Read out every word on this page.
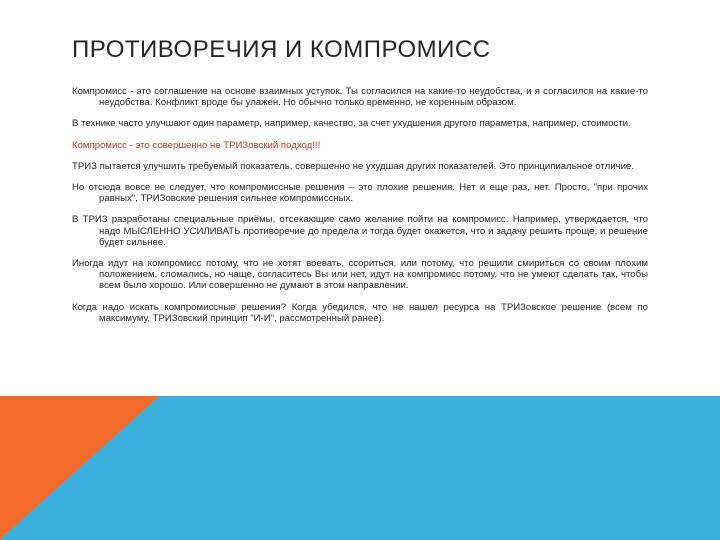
ПРОТИВОРЕЧИЯ И КОМПРОМИСС

Компромисс - это соглашение на основе взаимных уступок. Ты согласился на какие-то неудобства, и я согласился на какие-то неудобства. Конфликт вроде бы улажен. Но обычно только временно, не коренным образом.

В технике часто улучшают один параметр, например, качество, за счет ухудшения другого параметра, например, стоимости.

Компромисс - это совершенно не ТРИЗовский подход!!!

ТРИЗ пытается улучшить требуемый показатель, совершенно не ухудшая других показателей. Это принципиальное отличие.

Но отсюда вовсе не следует, что компромиссные решения – это плохие решения. Нет и еще раз, нет. Просто, "при прочих равных", ТРИЗовские решения сильнее компромиссных.

В ТРИЗ разработаны специальные приёмы, отсекающие само желание пойти на компромисс. Например, утверждается, что надо МЫСЛЕННО УСИЛИВАТЬ противоречие до предела и тогда будет окажется, что и задачу решить проще, и решение будет сильнее.

Иногда идут на компромисс потому, что не хотят воевать, ссориться, или потому, что решили смириться со своим плохим положением, сломались, но чаще, согласитесь Вы или нет, идут на компромисс потому, что не умеют сделать так, чтобы всем было хорошо. Или совершенно не думают в этом направлении.

Когда надо искать компромиссные решения? Когда убедился, что не нашел ресурса на ТРИЗовское решение (всем по максимуму, ТРИЗовский принцип "И-И", рассмотренный ранее).
